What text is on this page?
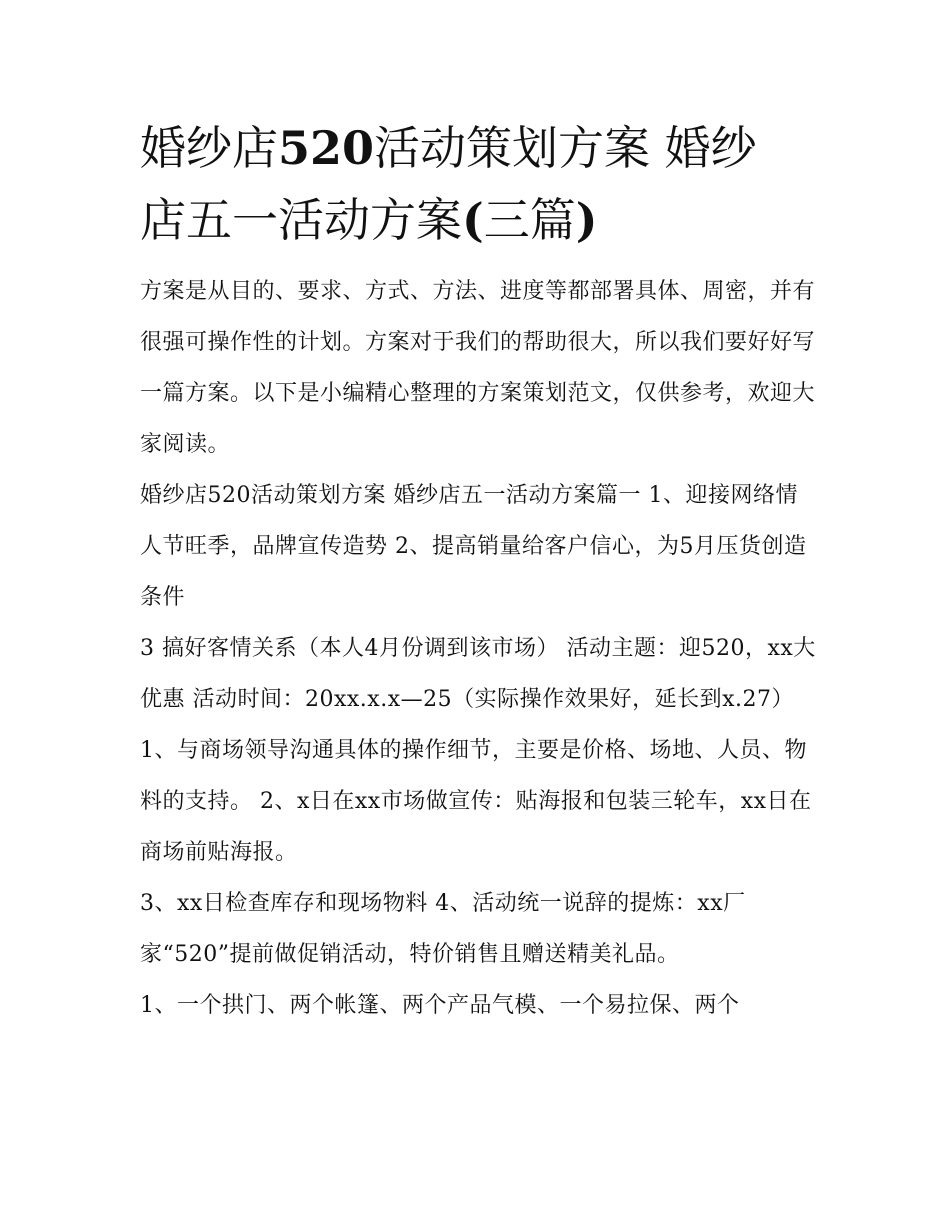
婚纱店520活动策划方案 婚纱
店五一活动方案(三篇)

方案是从目的、要求、方式、方法、进度等都部署具体、周密，并有很强可操作性的计划。方案对于我们的帮助很大，所以我们要好好写一篇方案。以下是小编精心整理的方案策划范文，仅供参考，欢迎大家阅读。

婚纱店520活动策划方案 婚纱店五一活动方案篇一 1、迎接网络情人节旺季，品牌宣传造势 2、提高销量给客户信心，为5月压货创造条件

3 搞好客情关系（本人4月份调到该市场） 活动主题：迎520，xx大优惠 活动时间：20xx.x.x—25（实际操作效果好，延长到x.27）

1、与商场领导沟通具体的操作细节，主要是价格、场地、人员、物料的支持。 2、x日在xx市场做宣传：贴海报和包装三轮车，xx日在商场前贴海报。

3、xx日检查库存和现场物料 4、活动统一说辞的提炼：xx厂家“520”提前做促销活动，特价销售且赠送精美礼品。

1、一个拱门、两个帐篷、两个产品气模、一个易拉保、两个
